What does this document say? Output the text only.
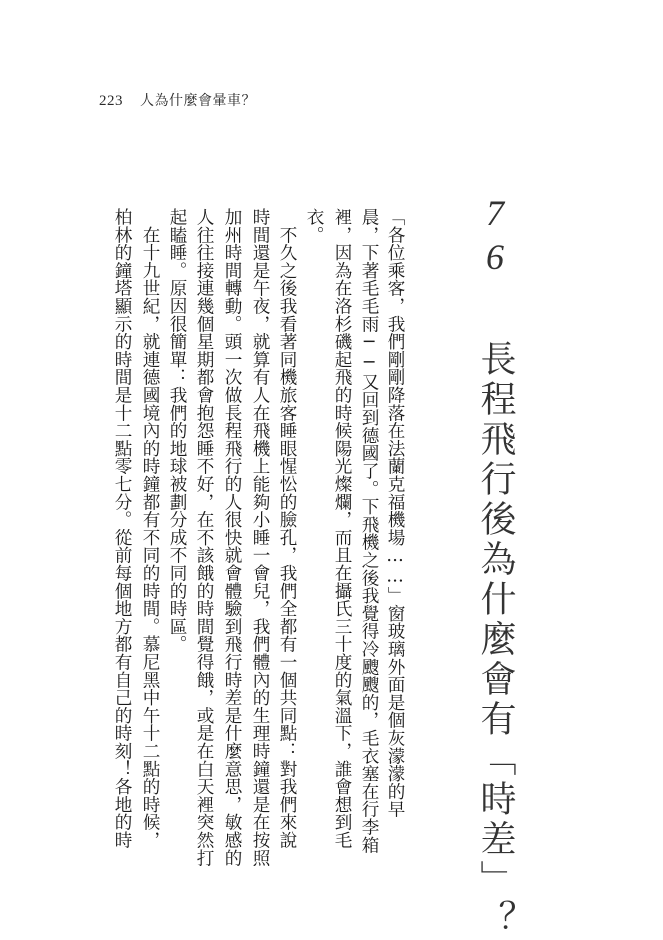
223 人為什麼會暈車？
76 長程飛行後為什麼會有「時差」？
「各位乘客，我們剛剛降落在法蘭克福機場……」窗玻璃外面是個灰濛濛的早
晨，下著毛毛雨──又回到德國了。下飛機之後我覺得冷颼颼的，毛衣塞在行李箱
裡，因為在洛杉磯起飛的時候陽光燦爛，而且在攝氏三十度的氣溫下，誰會想到毛
衣。
　不久之後我看著同機旅客睡眼惺忪的臉孔，我們全都有一個共同點：對我們來說
時間還是午夜，就算有人在飛機上能夠小睡一會兒，我們體內的生理時鐘還是在按照
加州時間轉動。頭一次做長程飛行的人很快就會體驗到飛行時差是什麼意思，敏感的
人往往接連幾個星期都會抱怨睡不好，在不該餓的時間覺得餓，或是在白天裡突然打
起瞌睡。原因很簡單：我們的地球被劃分成不同的時區。
　在十九世紀，就連德國境內的時鐘都有不同的時間。慕尼黑中午十二點的時候，
柏林的鐘塔顯示的時間是十二點零七分。從前每個地方都有自己的時刻！各地的時
